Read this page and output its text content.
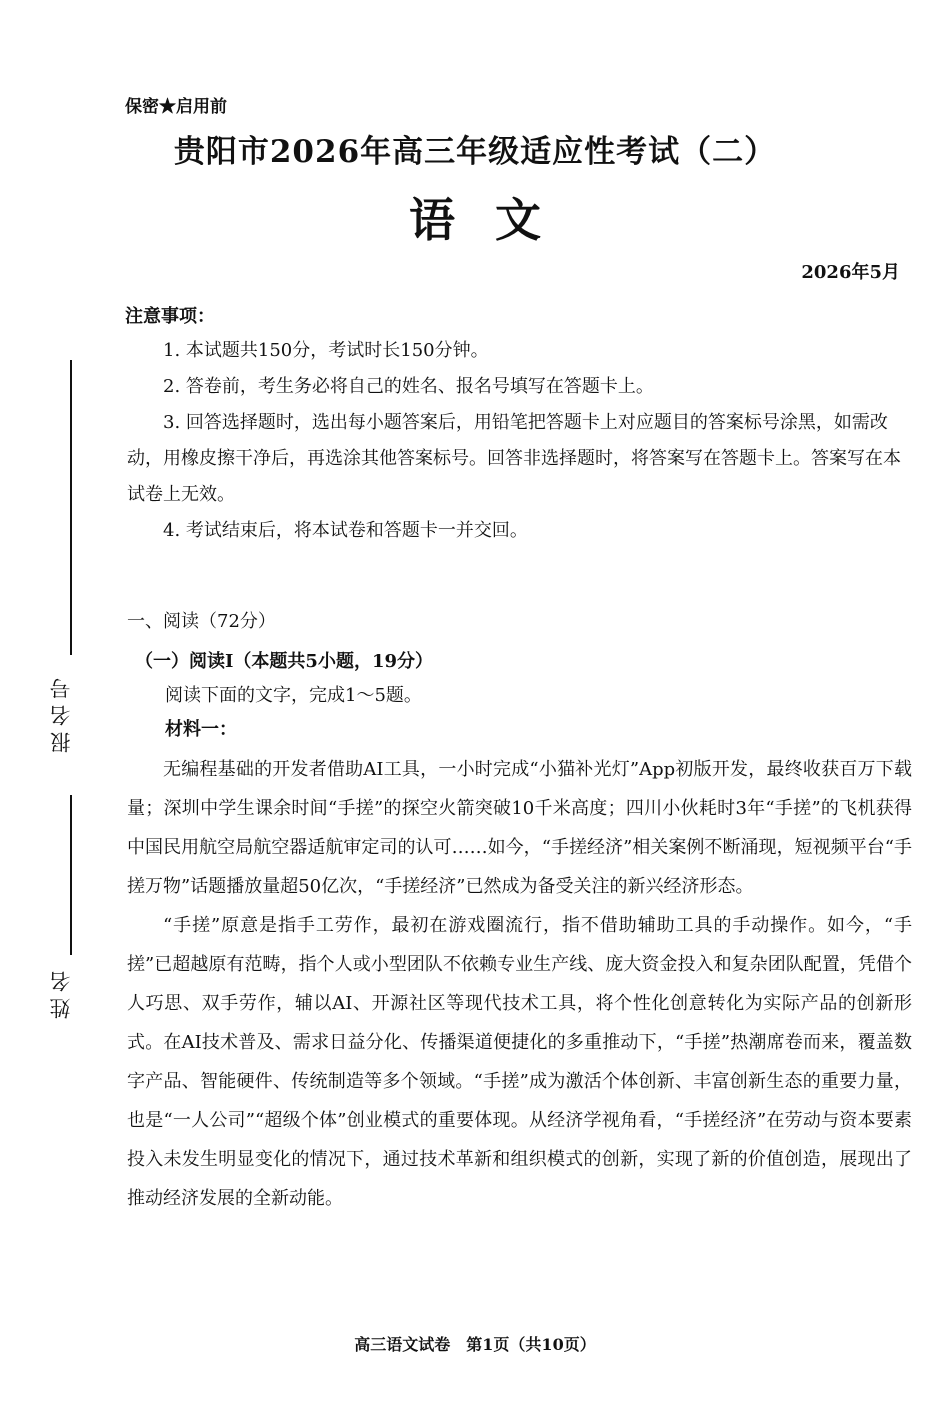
保密★启用前
贵阳市2026年高三年级适应性考试（二）
语文
2026年5月
注意事项：

1. 本试题共150分，考试时长150分钟。

2. 答卷前，考生务必将自己的姓名、报名号填写在答题卡上。

3. 回答选择题时，选出每小题答案后，用铅笔把答题卡上对应题目的答案标号涂黑，如需改动，用橡皮擦干净后，再选涂其他答案标号。回答非选择题时，将答案写在答题卡上。答案写在本试卷上无效。

4. 考试结束后，将本试卷和答题卡一并交回。

一、阅读（72分）
（一）阅读Ⅰ（本题共5小题，19分）
阅读下面的文字，完成1～5题。
材料一：

无编程基础的开发者借助AI工具，一小时完成“小猫补光灯”App初版开发，最终收获百万下载量；深圳中学生课余时间“手搓”的探空火箭突破10千米高度；四川小伙耗时3年“手搓”的飞机获得中国民用航空局航空器适航审定司的认可……如今，“手搓经济”相关案例不断涌现，短视频平台“手搓万物”话题播放量超50亿次，“手搓经济”已然成为备受关注的新兴经济形态。

“手搓”原意是指手工劳作，最初在游戏圈流行，指不借助辅助工具的手动操作。如今，“手搓”已超越原有范畴，指个人或小型团队不依赖专业生产线、庞大资金投入和复杂团队配置，凭借个人巧思、双手劳作，辅以AI、开源社区等现代技术工具，将个性化创意转化为实际产品的创新形式。在AI技术普及、需求日益分化、传播渠道便捷化的多重推动下，“手搓”热潮席卷而来，覆盖数字产品、智能硬件、传统制造等多个领域。“手搓”成为激活个体创新、丰富创新生态的重要力量，也是“一人公司”“超级个体”创业模式的重要体现。从经济学视角看，“手搓经济”在劳动与资本要素投入未发生明显变化的情况下，通过技术革新和组织模式的创新，实现了新的价值创造，展现出了推动经济发展的全新动能。

报名号
姓名
高三语文试卷　第1页（共10页）
